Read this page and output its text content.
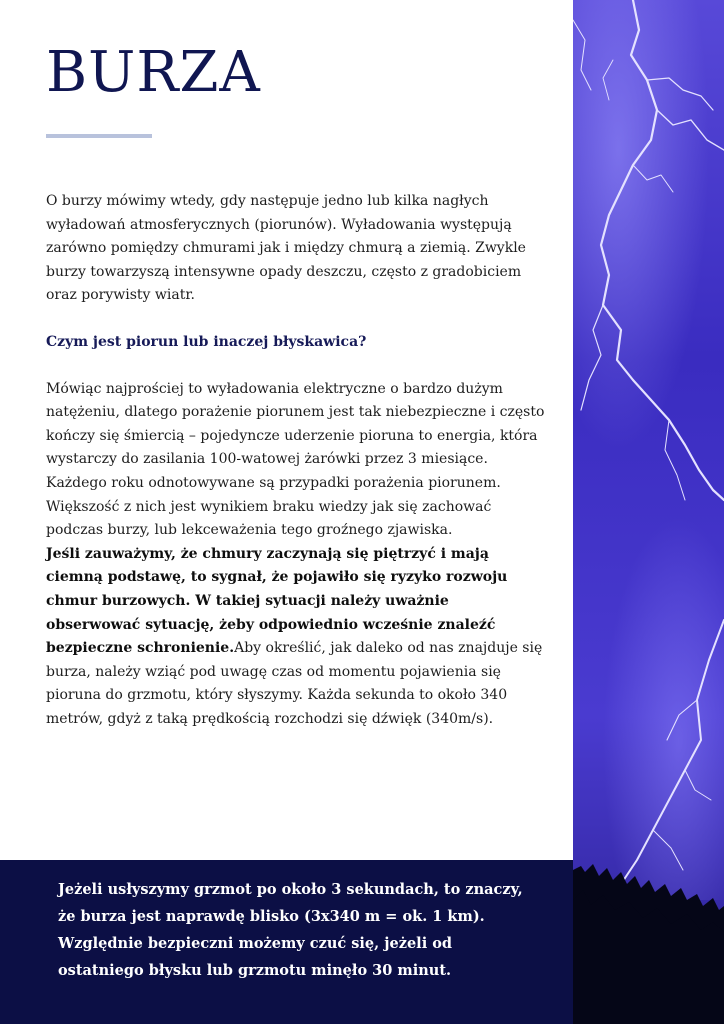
BURZA

O burzy mówimy wtedy, gdy następuje jedno lub kilka nagłych wyładowań atmosferycznych (piorunów). Wyładowania występują zarówno pomiędzy chmurami jak i między chmurą a ziemią. Zwykle burzy towarzyszą intensywne opady deszczu, często z gradobiciem oraz porywisty wiatr.

Czym jest piorun lub inaczej błyskawica?

Mówiąc najprościej to wyładowania elektryczne o bardzo dużym natężeniu, dlatego porażenie piorunem jest tak niebezpieczne i często kończy się śmiercią – pojedyncze uderzenie pioruna to energia, która wystarczy do zasilania 100-watowej żarówki przez 3 miesiące. Każdego roku odnotowywane są przypadki porażenia piorunem. Większość z nich jest wynikiem braku wiedzy jak się zachować podczas burzy, lub lekceważenia tego groźnego zjawiska.
Jeśli zauważymy, że chmury zaczynają się piętrzyć i mają ciemną podstawę, to sygnał, że pojawiło się ryzyko rozwoju chmur burzowych. W takiej sytuacji należy uważnie obserwować sytuację, żeby odpowiednio wcześnie znaleźć bezpieczne schronienie.Aby określić, jak daleko od nas znajduje się burza, należy wziąć pod uwagę czas od momentu pojawienia się pioruna do grzmotu, który słyszymy. Każda sekunda to około 340 metrów, gdyż z taką prędkością rozchodzi się dźwięk (340m/s).

Jeżeli usłyszymy grzmot po około 3 sekundach, to znaczy, że burza jest naprawdę blisko (3x340 m = ok. 1 km). Względnie bezpieczni możemy czuć się, jeżeli od ostatniego błysku lub grzmotu minęło 30 minut.
